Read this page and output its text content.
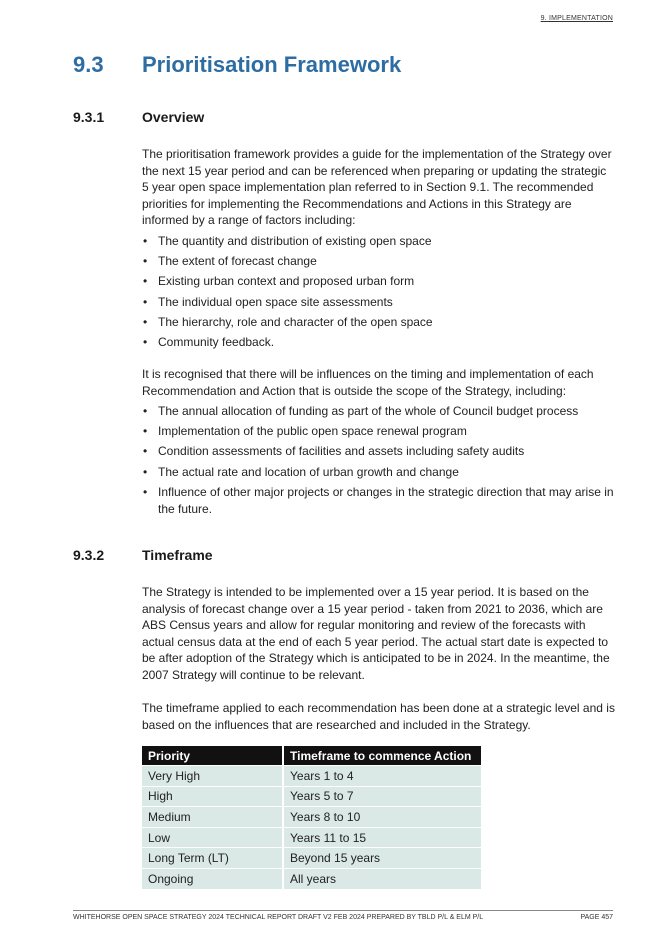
9. IMPLEMENTATION
9.3 Prioritisation Framework
9.3.1	Overview

The prioritisation framework provides a guide for the implementation of the Strategy over the next 15 year period and can be referenced when preparing or updating the strategic 5 year open space implementation plan referred to in Section 9.1. The recommended priorities for implementing the Recommendations and Actions in this Strategy are informed by a range of factors including:

• The quantity and distribution of existing open space
• The extent of forecast change
• Existing urban context and proposed urban form
• The individual open space site assessments
• The hierarchy, role and character of the open space
• Community feedback.

It is recognised that there will be influences on the timing and implementation of each Recommendation and Action that is outside the scope of the Strategy, including:

• The annual allocation of funding as part of the whole of Council budget process
• Implementation of the public open space renewal program
• Condition assessments of facilities and assets including safety audits
• The actual rate and location of urban growth and change
• Influence of other major projects or changes in the strategic direction that may arise in the future.
9.3.2	Timeframe

The Strategy is intended to be implemented over a 15 year period. It is based on the analysis of forecast change over a 15 year period - taken from 2021 to 2036, which are ABS Census years and allow for regular monitoring and review of the forecasts with actual census data at the end of each 5 year period. The actual start date is expected to be after adoption of the Strategy which is anticipated to be in 2024. In the meantime, the 2007 Strategy will continue to be relevant.

The timeframe applied to each recommendation has been done at a strategic level and is based on the influences that are researched and included in the Strategy.

Priority	Timeframe to commence Action
Very High	Years 1 to 4
High	Years 5 to 7
Medium	Years 8 to 10
Low	Years 11 to 15
Long Term (LT)	Beyond 15 years
Ongoing	All years
WHITEHORSE OPEN SPACE STRATEGY 2024 TECHNICAL REPORT DRAFT V2 FEB 2024 PREPARED BY TBLD P/L & ELM P/L	PAGE 457
